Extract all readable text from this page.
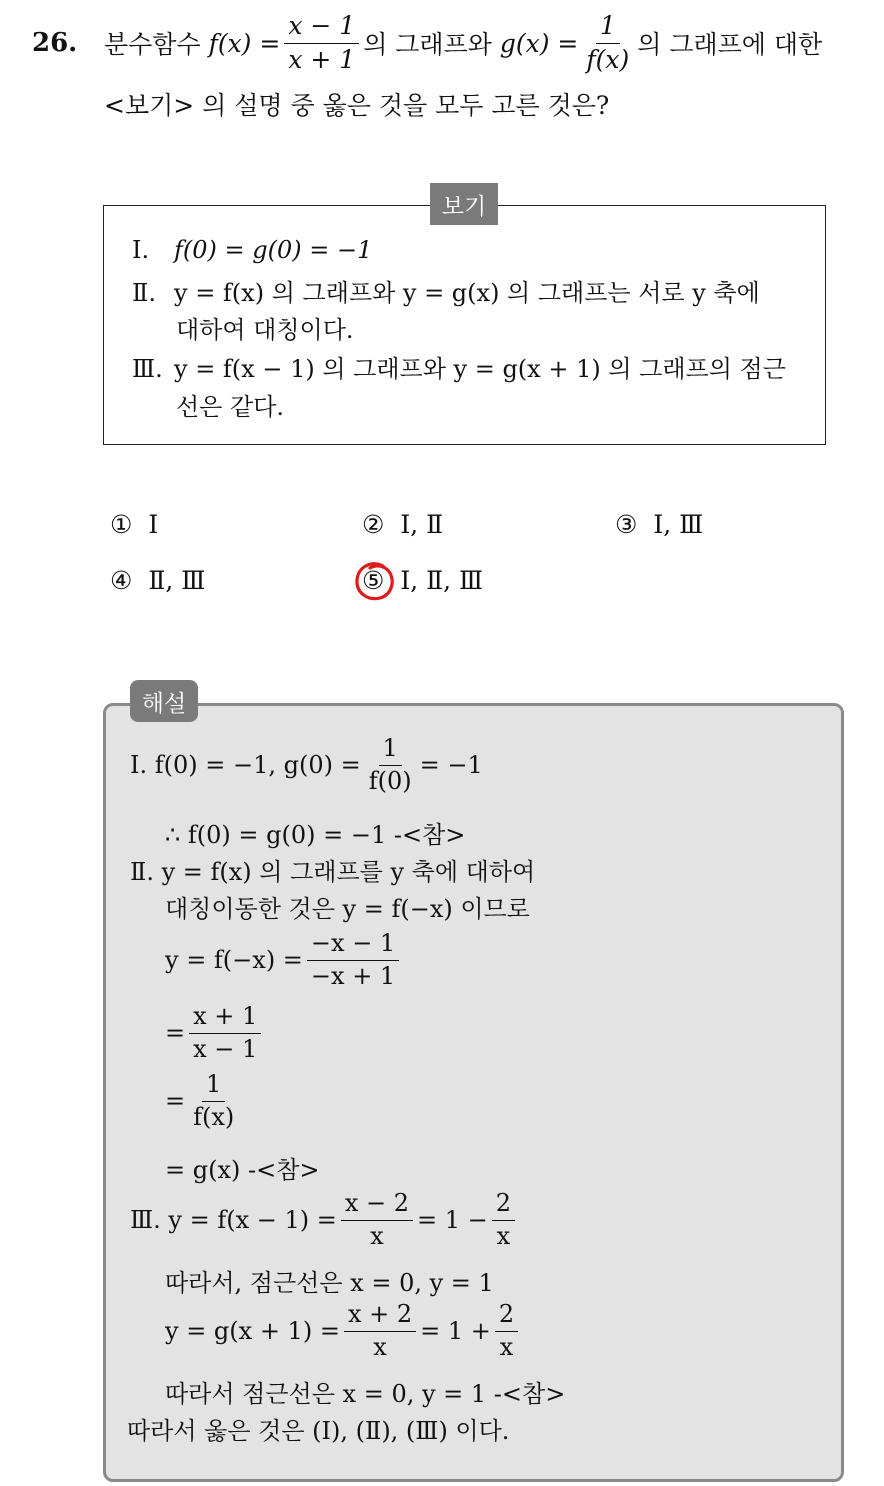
26. 분수함수
$f(x) = \frac{x - 1}{x + 1}$ 의 그래프와
$g(x) = \frac{1}{f(x)}$ 의 그래프에 대한
<보기> 의 설명 중 옳은 것을 모두 고른 것은?
Ⅰ. f(0) = g(0) = −1
Ⅱ. y = f(x) 의 그래프와 y = g(x) 의 그래프는 서로 y 축에
대하여 대칭이다.
Ⅲ. y = f(x − 1) 의 그래프와 y = g(x + 1) 의 그래프의 점근
선은 같다.
보기
① Ⅰ	② Ⅰ, Ⅱ	③ Ⅰ, Ⅲ
④ Ⅱ, Ⅲ	⑤ Ⅰ, Ⅱ, Ⅲ
해설
Ⅰ. f(0) = −1, $g(0) = \frac{1}{f(0)} = -1$
∴ f(0) = g(0) = −1 -<참>
Ⅱ. y = f(x) 의 그래프를 y 축에 대하여
대칭이동한 것은 y = f(−x) 이므로
$y = f(-x) = \frac{-x - 1}{-x + 1}$
= $\frac{x + 1}{x - 1}$
= $\frac{1}{f(x)}$
= g(x) -<참>
Ⅲ. $y = f(x - 1) = \frac{x - 2}{x} = 1 - \frac{2}{x}$
따라서, 점근선은 x = 0, y = 1
$y = g(x + 1) = \frac{x + 2}{x} = 1 + \frac{2}{x}$
따라서 점근선은 x = 0, y = 1 -<참>
따라서 옳은 것은 (Ⅰ), (Ⅱ), (Ⅲ) 이다.
